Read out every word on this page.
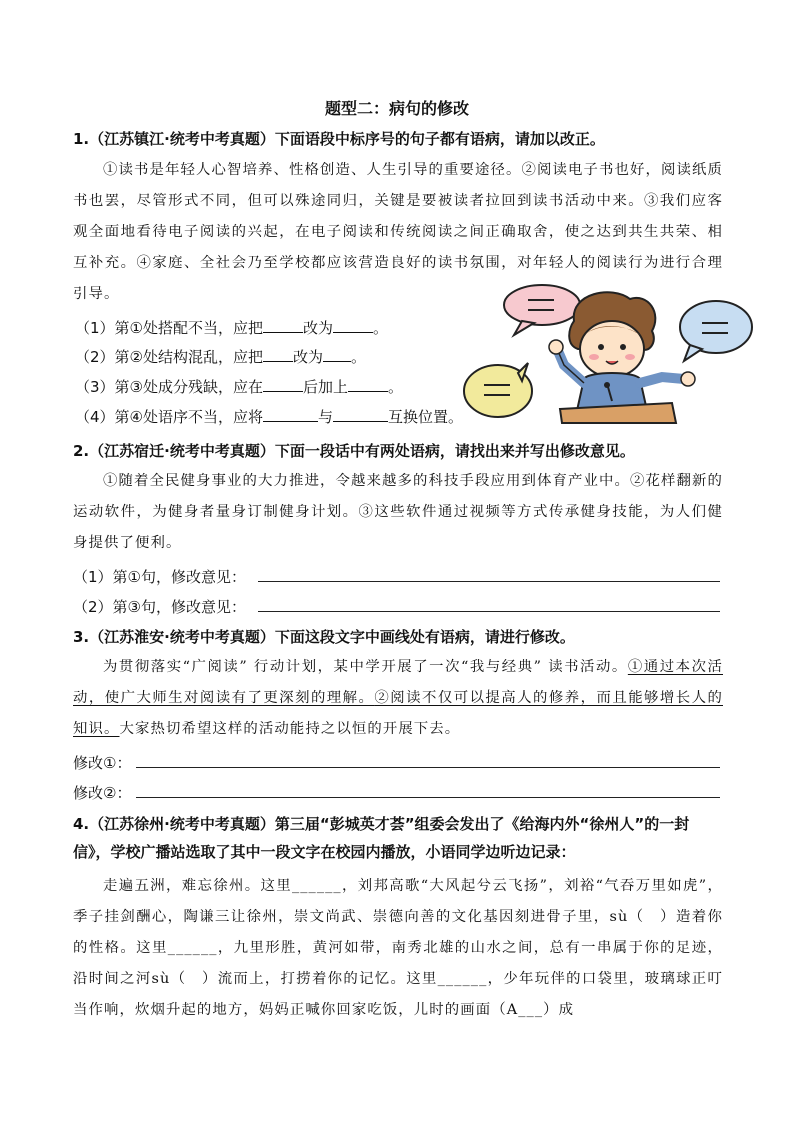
题型二：病句的修改
1.（江苏镇江·统考中考真题）下面语段中标序号的句子都有语病，请加以改正。
①读书是年轻人心智培养、性格创造、人生引导的重要途径。②阅读电子书也好，阅读纸质书也罢，尽管形式不同，但可以殊途同归，关键是要被读者拉回到读书活动中来。③我们应客观全面地看待电子阅读的兴起，在电子阅读和传统阅读之间正确取舍，使之达到共生共荣、相互补充。④家庭、全社会乃至学校都应该营造良好的读书氛围，对年轻人的阅读行为进行合理引导。
（1）第①处搭配不当，应把	改为	。
（2）第②处结构混乱，应把 改为 。
（3）第③处成分残缺，应在	后加上	。
（4）第④处语序不当，应将	与	互换位置。
2.（江苏宿迁·统考中考真题）下面一段话中有两处语病，请找出来并写出修改意见。
①随着全民健身事业的大力推进，令越来越多的科技手段应用到体育产业中。②花样翻新的运动软件，为健身者量身订制健身计划。③这些软件通过视频等方式传承健身技能，为人们健身提供了便利。
（1）第①句，修改意见：
（2）第③句，修改意见：
3.（江苏淮安·统考中考真题）下面这段文字中画线处有语病，请进行修改。
为贯彻落实“广阅读” 行动计划，某中学开展了一次“我与经典” 读书活动。①通过本次活动，使广大师生对阅读有了更深刻的理解。②阅读不仅可以提高人的修养，而且能够增长人的知识。大家热切希望这样的活动能持之以恒的开展下去。
修改①：
修改②：
4.（江苏徐州·统考中考真题）第三届“彭城英才荟”组委会发出了《给海内外“徐州人”的一封信》，学校广播站选取了其中一段文字在校园内播放，小语同学边听边记录：
走遍五洲，难忘徐州。这里______，刘邦高歌“大风起兮云飞扬”，刘裕“气吞万里如虎”，季子挂剑酬心，陶谦三让徐州，崇文尚武、崇德向善的文化基因刻进骨子里，sù（　）造着你的性格。这里______，九里形胜，黄河如带，南秀北雄的山水之间，总有一串属于你的足迹，沿时间之河sù（　）流而上，打捞着你的记忆。这里______，少年玩伴的口袋里，玻璃球正叮当作响，炊烟升起的地方，妈妈正喊你回家吃饭，儿时的画面（A___）成
